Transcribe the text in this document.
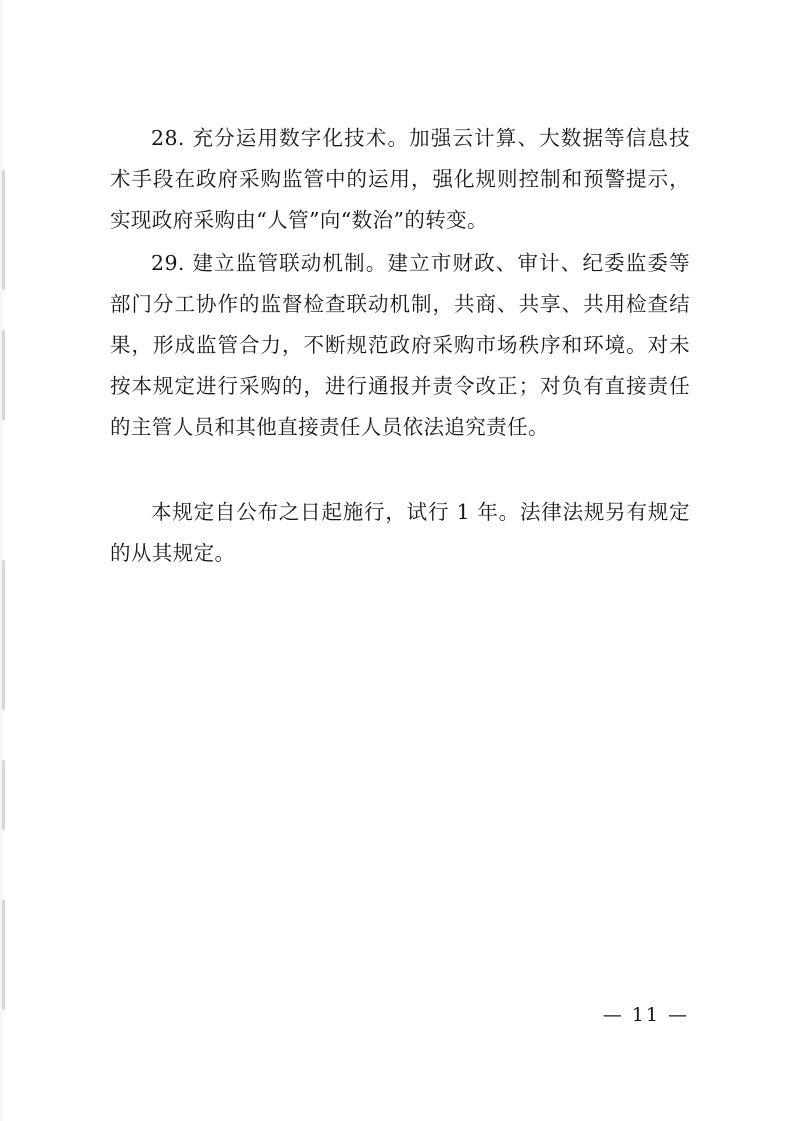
28. 充分运用数字化技术。加强云计算、大数据等信息技术手段在政府采购监管中的运用，强化规则控制和预警提示，实现政府采购由“人管”向“数治”的转变。

29. 建立监管联动机制。建立市财政、审计、纪委监委等部门分工协作的监督检查联动机制，共商、共享、共用检查结果，形成监管合力，不断规范政府采购市场秩序和环境。对未按本规定进行采购的，进行通报并责令改正；对负有直接责任的主管人员和其他直接责任人员依法追究责任。

本规定自公布之日起施行，试行 1 年。法律法规另有规定的从其规定。

— 11 —
